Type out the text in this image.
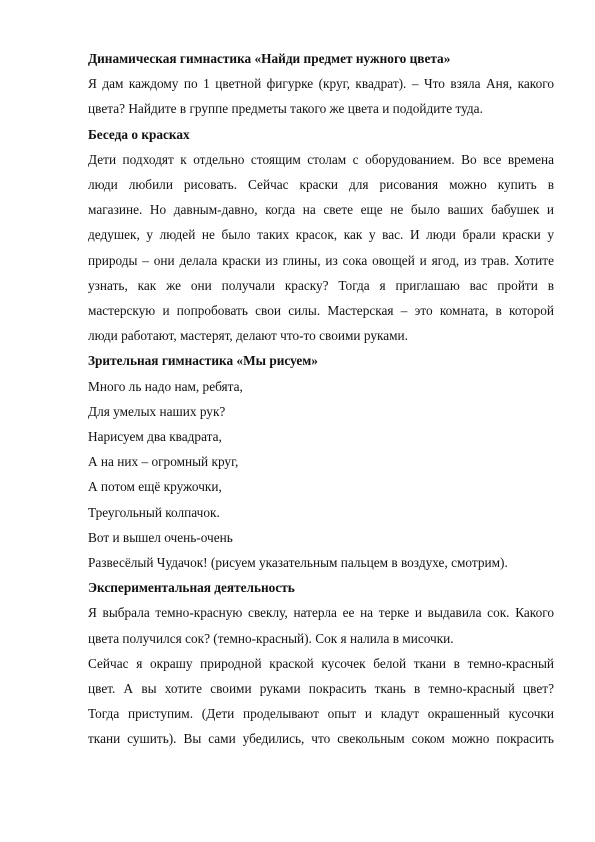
Динамическая гимнастика «Найди предмет нужного цвета»
Я дам каждому по 1 цветной фигурке (круг, квадрат). – Что взяла Аня, какого
цвета? Найдите в группе предметы такого же цвета и подойдите туда.
Беседа о красках
Дети подходят к отдельно стоящим столам с оборудованием. Во все времена
люди любили рисовать. Сейчас краски для рисования можно купить в
магазине. Но давным-давно, когда на свете еще не было ваших бабушек и
дедушек, у людей не было таких красок, как у вас. И люди брали краски у
природы – они делала краски из глины, из сока овощей и ягод, из трав. Хотите
узнать, как же они получали краску? Тогда я приглашаю вас пройти в
мастерскую и попробовать свои силы. Мастерская – это комната, в которой
люди работают, мастерят, делают что-то своими руками.
Зрительная гимнастика «Мы рисуем»
Много ль надо нам, ребята,
Для умелых наших рук?
Нарисуем два квадрата,
А на них – огромный круг,
А потом ещё кружочки,
Треугольный колпачок.
Вот и вышел очень-очень
Развесёлый Чудачок! (рисуем указательным пальцем в воздухе, смотрим).
Экспериментальная деятельность
Я выбрала темно-красную свеклу, натерла ее на терке и выдавила сок. Какого
цвета получился сок? (темно-красный). Сок я налила в мисочки.
Сейчас я окрашу природной краской кусочек белой ткани в темно-красный
цвет. А вы хотите своими руками покрасить ткань в темно-красный цвет?
Тогда приступим. (Дети проделывают опыт и кладут окрашенный кусочки
ткани сушить). Вы сами убедились, что свекольным соком можно покрасить
